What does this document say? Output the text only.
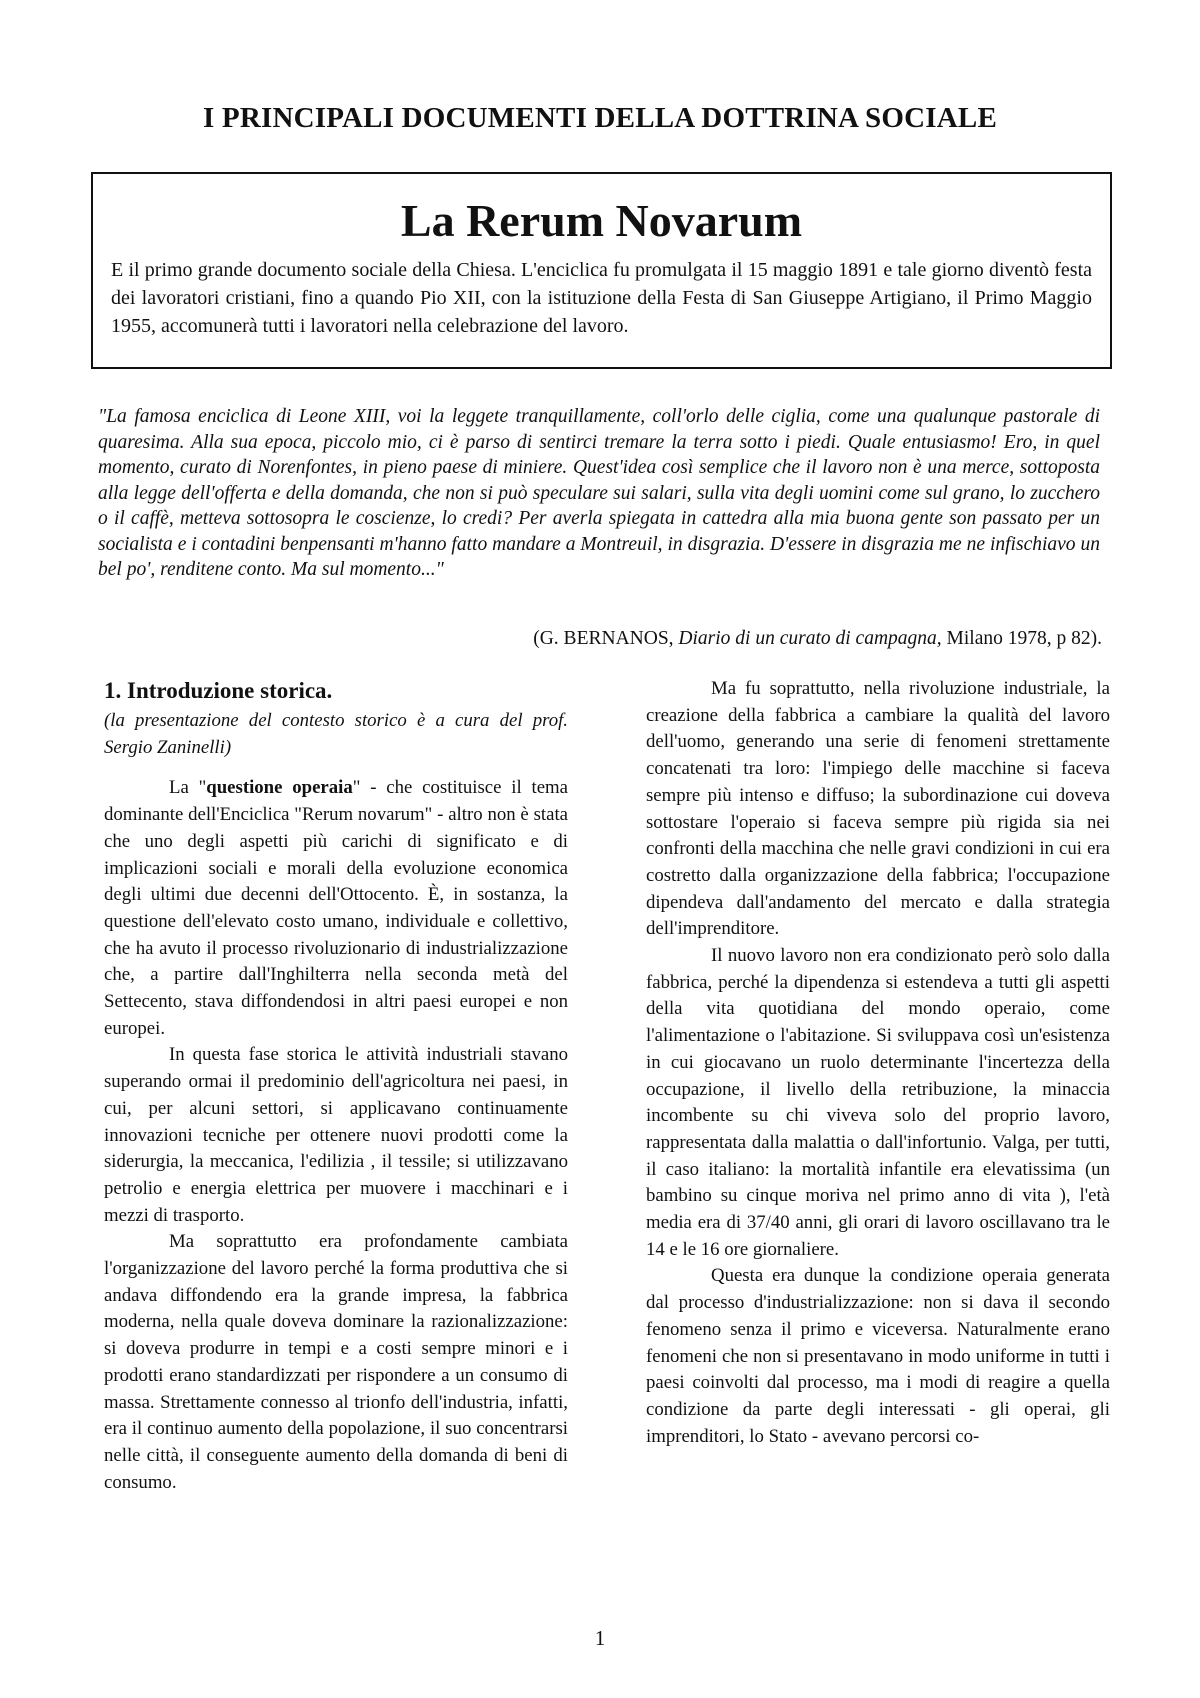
I PRINCIPALI DOCUMENTI DELLA DOTTRINA SOCIALE
La Rerum Novarum

E il primo grande documento sociale della Chiesa. L'enciclica fu promulgata il 15 maggio 1891 e tale giorno diventò festa dei lavoratori cristiani, fino a quando Pio XII, con la istituzione della Festa di San Giuseppe Artigiano, il Primo Maggio 1955, accomunerà tutti i lavoratori nella celebrazione del lavoro.

"La famosa enciclica di Leone XIII, voi la leggete tranquillamente, coll'orlo delle ciglia, come una qualunque pastorale di quaresima. Alla sua epoca, piccolo mio, ci è parso di sentirci tremare la terra sotto i piedi. Quale entusiasmo! Ero, in quel momento, curato di Norenfontes, in pieno paese di miniere. Quest'idea così semplice che il lavoro non è una merce, sottoposta alla legge dell'offerta e della domanda, che non si può speculare sui salari, sulla vita degli uomini come sul grano, lo zucchero o il caffè, metteva sottosopra le coscienze, lo credi? Per averla spiegata in cattedra alla mia buona gente son passato per un socialista e i contadini benpensanti m'hanno fatto mandare a Montreuil, in disgrazia. D'essere in disgrazia me ne infischiavo un bel po', renditene conto. Ma sul momento..."

(G. BERNANOS, Diario di un curato di campagna, Milano 1978, p 82).
1. Introduzione storica.

(la presentazione del contesto storico è a cura del prof. Sergio Zaninelli)

La "questione operaia" - che costituisce il tema dominante dell'Enciclica "Rerum novarum" - altro non è stata che uno degli aspetti più carichi di significato e di implicazioni sociali e morali della evoluzione economica degli ultimi due decenni dell'Ottocento. È, in sostanza, la questione dell'elevato costo umano, individuale e collettivo, che ha avuto il processo rivoluzionario di industrializzazione che, a partire dall'Inghilterra nella seconda metà del Settecento, stava diffondendosi in altri paesi europei e non europei.

In questa fase storica le attività industriali stavano superando ormai il predominio dell'agricoltura nei paesi, in cui, per alcuni settori, si applicavano continuamente innovazioni tecniche per ottenere nuovi prodotti come la siderurgia, la meccanica, l'edilizia , il tessile; si utilizzavano petrolio e energia elettrica per muovere i macchinari e i mezzi di trasporto.

Ma soprattutto era profondamente cambiata l'organizzazione del lavoro perché la forma produttiva che si andava diffondendo era la grande impresa, la fabbrica moderna, nella quale doveva dominare la razionalizzazione: si doveva produrre in tempi e a costi sempre minori e i prodotti erano standardizzati per rispondere a un consumo di massa. Strettamente connesso al trionfo dell'industria, infatti, era il continuo aumento della popolazione, il suo concentrarsi nelle città, il conseguente aumento della domanda di beni di consumo.

Ma fu soprattutto, nella rivoluzione industriale, la creazione della fabbrica a cambiare la qualità del lavoro dell'uomo, generando una serie di fenomeni strettamente concatenati tra loro: l'impiego delle macchine si faceva sempre più intenso e diffuso; la subordinazione cui doveva sottostare l'operaio si faceva sempre più rigida sia nei confronti della macchina che nelle gravi condizioni in cui era costretto dalla organizzazione della fabbrica; l'occupazione dipendeva dall'andamento del mercato e dalla strategia dell'imprenditore.

Il nuovo lavoro non era condizionato però solo dalla fabbrica, perché la dipendenza si estendeva a tutti gli aspetti della vita quotidiana del mondo operaio, come l'alimentazione o l'abitazione. Si sviluppava così un'esistenza in cui giocavano un ruolo determinante l'incertezza della occupazione, il livello della retribuzione, la minaccia incombente su chi viveva solo del proprio lavoro, rappresentata dalla malattia o dall'infortunio. Valga, per tutti, il caso italiano: la mortalità infantile era elevatissima (un bambino su cinque moriva nel primo anno di vita ), l'età media era di 37/40 anni, gli orari di lavoro oscillavano tra le 14 e le 16 ore giornaliere.

Questa era dunque la condizione operaia generata dal processo d'industrializzazione: non si dava il secondo fenomeno senza il primo e viceversa. Naturalmente erano fenomeni che non si presentavano in modo uniforme in tutti i paesi coinvolti dal processo, ma i modi di reagire a quella condizione da parte degli interessati - gli operai, gli imprenditori, lo Stato - avevano percorsi co-

1
